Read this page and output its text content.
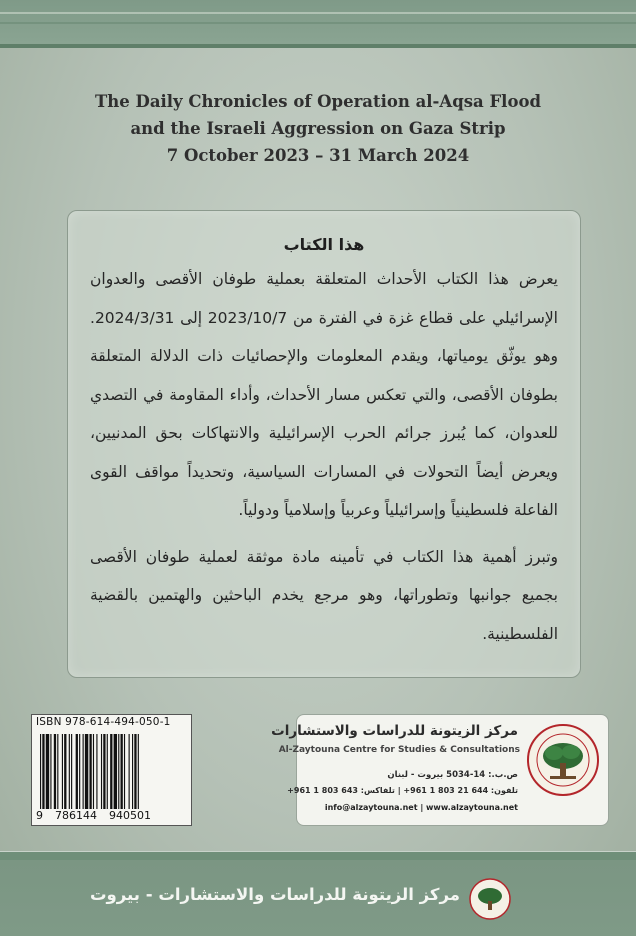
The Daily Chronicles of Operation al-Aqsa Flood
and the Israeli Aggression on Gaza Strip
7 October 2023 – 31 March 2024
هذا الكتاب

يعرض هذا الكتاب الأحداث المتعلقة بعملية طوفان الأقصى والعدوان الإسرائيلي على قطاع غزة في الفترة من 2023/10/7 إلى 2024/3/31. وهو يوثّق يومياتها، ويقدم المعلومات والإحصائيات ذات الدلالة المتعلقة بطوفان الأقصى، والتي تعكس مسار الأحداث، وأداء المقاومة في التصدي للعدوان، كما يُبرز جرائم الحرب الإسرائيلية والانتهاكات بحق المدنيين، ويعرض أيضاً التحولات في المسارات السياسية، وتحديداً مواقف القوى الفاعلة فلسطينياً وإسرائيلياً وعربياً وإسلامياً ودولياً.

وتبرز أهمية هذا الكتاب في تأمينه مادة موثقة لعملية طوفان الأقصى بجميع جوانبها وتطوراتها، وهو مرجع يخدم الباحثين والهتمين بالقضية الفلسطينية.

ISBN 978-614-494-050-1
9 786144 940501
مركز الزيتونة للدراسات والاستشارات
Al-Zaytouna Centre for Studies & Consultations
ص.ب.: 14-5034 بيروت - لبنان
تلفون: 644 21 803 1 961+ | تلفاكس: 643 803 1 961+
info@alzaytouna.net | www.alzaytouna.net
مركز الزيتونة للدراسات والاستشارات - بيروت
